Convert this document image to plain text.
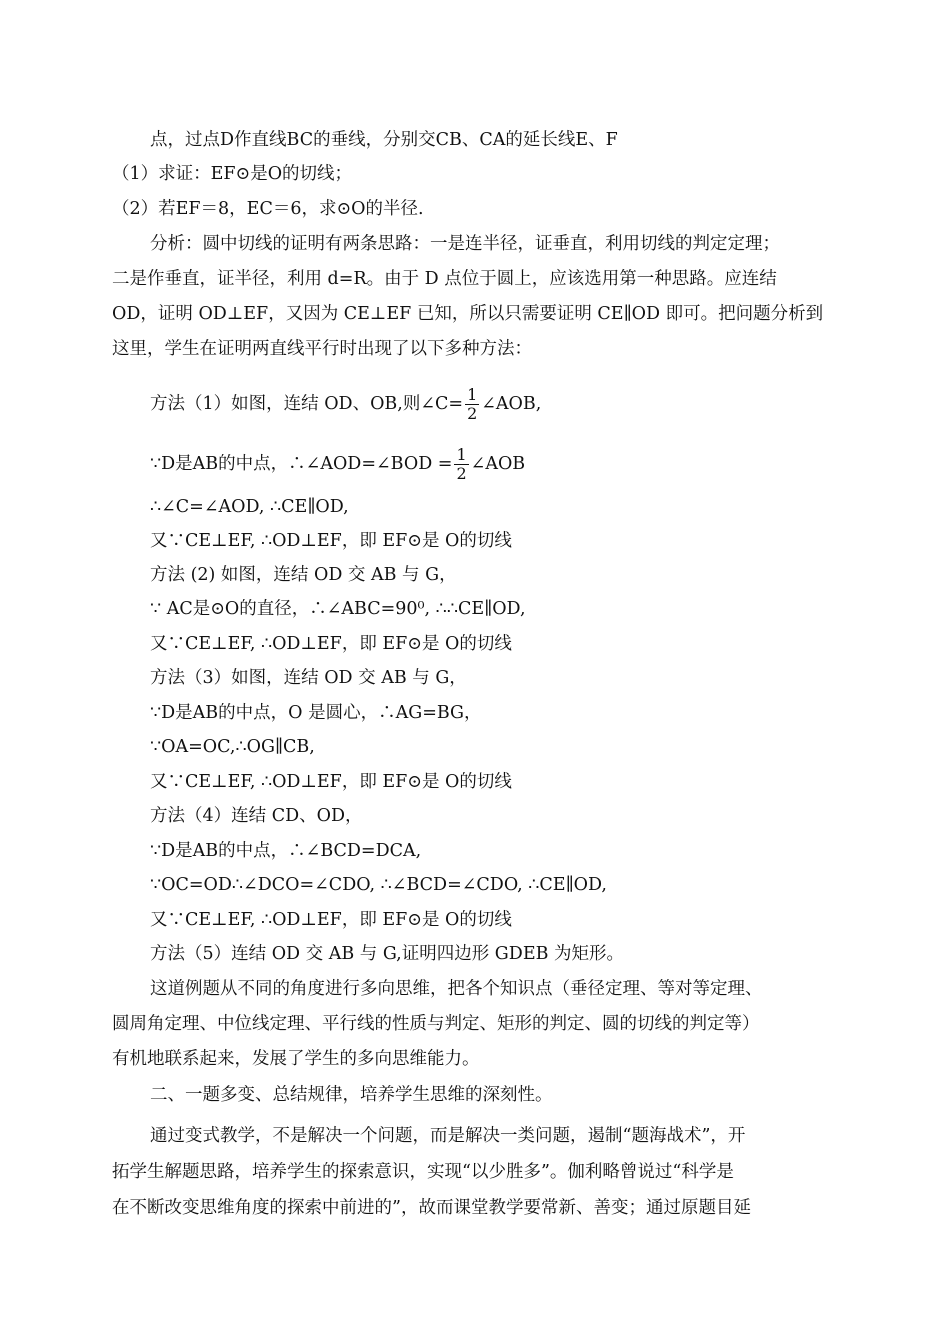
点，过点D作直线BC的垂线，分别交CB、CA的延长线E、F
（1）求证：EF⊙是O的切线；
（2）若EF＝8，EC＝6，求⊙O的半径.
分析：圆中切线的证明有两条思路：一是连半径，证垂直，利用切线的判定定理；
二是作垂直，证半径，利用 d=R。由于 D 点位于圆上，应该选用第一种思路。应连结
OD，证明 OD⊥EF，又因为 CE⊥EF 已知，所以只需要证明 CE∥OD 即可。把问题分析到
这里，学生在证明两直线平行时出现了以下多种方法：
方法（1）如图，连结 OD、OB,则∠C= $\frac{1}{2}$ ∠AOB,
∵D是AB的中点，∴∠AOD=∠BOD = $\frac{1}{2}$ ∠AOB
∴∠C=∠AOD, ∴CE∥OD,
又∵CE⊥EF, ∴OD⊥EF，即 EF⊙是 O的切线
方法 (2) 如图，连结 OD 交 AB 与 G，
∵ AC是⊙O的直径，∴∠ABC=90⁰, ∴∴CE∥OD,
又∵CE⊥EF, ∴OD⊥EF，即 EF⊙是 O的切线
方法（3）如图，连结 OD 交 AB 与 G，
∵D是AB的中点，O 是圆心，∴AG=BG，
∵OA=OC,∴OG∥CB,
又∵CE⊥EF, ∴OD⊥EF，即 EF⊙是 O的切线
方法（4）连结 CD、OD，
∵D是AB的中点，∴∠BCD=DCA,
∵OC=OD∴∠DCO=∠CDO, ∴∠BCD=∠CDO, ∴CE∥OD,
又∵CE⊥EF, ∴OD⊥EF，即 EF⊙是 O的切线
方法（5）连结 OD 交 AB 与 G,证明四边形 GDEB 为矩形。
这道例题从不同的角度进行多向思维，把各个知识点（垂径定理、等对等定理、
圆周角定理、中位线定理、平行线的性质与判定、矩形的判定、圆的切线的判定等）
有机地联系起来，发展了学生的多向思维能力。
二、一题多变、总结规律，培养学生思维的深刻性。
通过变式教学，不是解决一个问题，而是解决一类问题，遏制“题海战术”，开
拓学生解题思路，培养学生的探索意识，实现“以少胜多”。伽利略曾说过“科学是
在不断改变思维角度的探索中前进的”，故而课堂教学要常新、善变；通过原题目延
